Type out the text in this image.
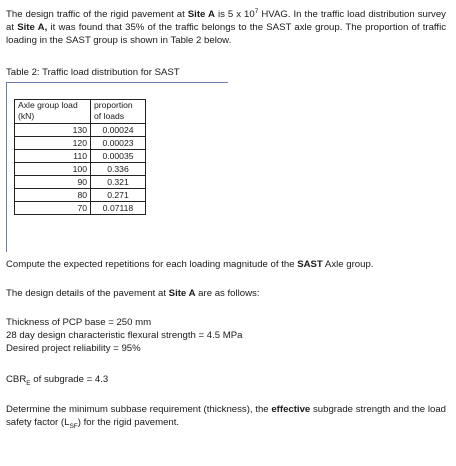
The design traffic of the rigid pavement at Site A is 5 x $10^7$ HVAG. In the traffic load distribution survey at Site A, it was found that 35% of the traffic belongs to the SAST axle group. The proportion of traffic loading in the SAST group is shown in Table 2 below.

Table 2: Traffic load distribution for SAST
Axle group load (kN)	proportion of loads
130	0.00024
120	0.00023
110	0.00035
100	0.336
90	0.321
80	0.271
70	0.07118

Compute the expected repetitions for each loading magnitude of the SAST Axle group.

The design details of the pavement at Site A are as follows:

Thickness of PCP base = 250 mm
28 day design characteristic flexural strength = 4.5 MPa
Desired project reliability = 95%

$CBR_E$ of subgrade = 4.3

Determine the minimum subbase requirement (thickness), the effective subgrade strength and the load safety factor $(L_{SF})$ for the rigid pavement.
